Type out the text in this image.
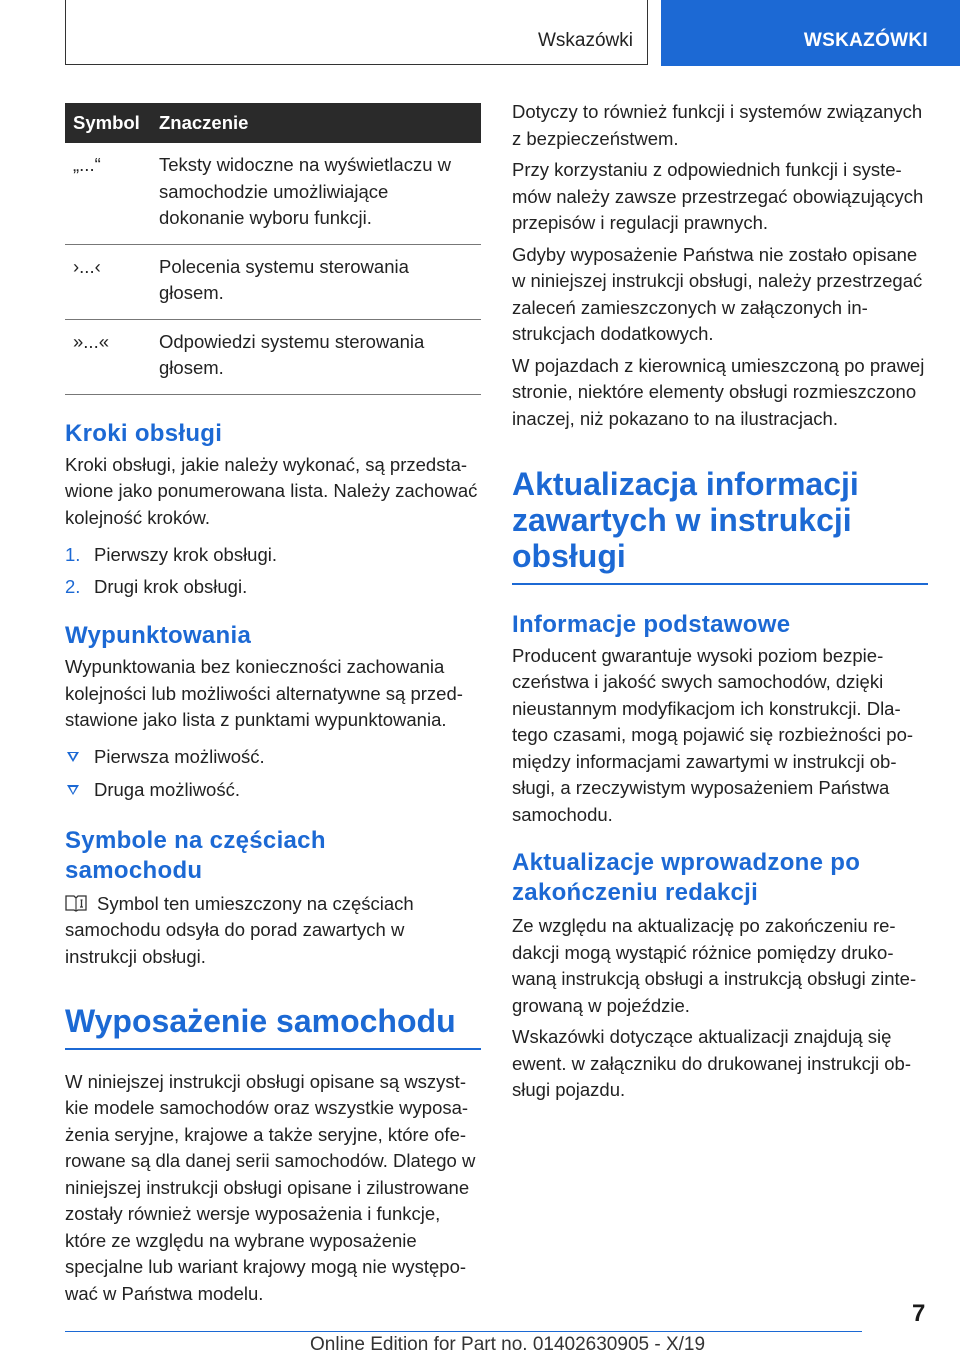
Wskazówki	WSKAZÓWKI
Symbol	Znaczenie
„...“	Teksty widoczne na wyświetlaczu w samochodzie umożliwiające dokonanie wyboru funkcji.
›...‹	Polecenia systemu sterowania głosem.
»...«	Odpowiedzi systemu sterowania głosem.
Kroki obsługi

Kroki obsługi, jakie należy wykonać, są przedstawione jako ponumerowana lista. Należy zachować kolejność kroków.

1. Pierwszy krok obsługi.
2. Drugi krok obsługi.
Wypunktowania

Wypunktowania bez konieczności zachowania kolejności lub możliwości alternatywne są przedstawione jako lista z punktami wypunktowania.

Pierwsza możliwość.
Druga możliwość.
Symbole na częściach
samochodu

Symbol ten umieszczony na częściach samochodu odsyła do porad zawartych w instrukcji obsługi.

Wyposażenie samochodu

W niniejszej instrukcji obsługi opisane są wszystkie modele samochodów oraz wszystkie wyposażenia seryjne, krajowe a także seryjne, które oferowane są dla danej serii samochodów. Dlatego w niniejszej instrukcji obsługi opisane i zilustrowane zostały również wersje wyposażenia i funkcje, które ze względu na wybrane wyposażenie specjalne lub wariant krajowy mogą nie występować w Państwa modelu.

Dotyczy to również funkcji i systemów związanych z bezpieczeństwem.

Przy korzystaniu z odpowiednich funkcji i systemów należy zawsze przestrzegać obowiązujących przepisów i regulacji prawnych.

Gdyby wyposażenie Państwa nie zostało opisane w niniejszej instrukcji obsługi, należy przestrzegać zaleceń zamieszczonych w załączonych instrukcjach dodatkowych.

W pojazdach z kierownicą umieszczoną po prawej stronie, niektóre elementy obsługi rozmieszczono inaczej, niż pokazano to na ilustracjach.

Aktualizacja informacji
zawartych w instrukcji
obsługi
Informacje podstawowe

Producent gwarantuje wysoki poziom bezpieczeństwa i jakość swych samochodów, dzięki nieustannym modyfikacjom ich konstrukcji. Dlatego czasami, mogą pojawić się rozbieżności pomiędzy informacjami zawartymi w instrukcji obsługi, a rzeczywistym wyposażeniem Państwa samochodu.

Aktualizacje wprowadzone po
zakończeniu redakcji

Ze względu na aktualizację po zakończeniu redakcji mogą wystąpić różnice pomiędzy drukowaną instrukcją obsługi a instrukcją obsługi zintegrowaną w pojeździe.

Wskazówki dotyczące aktualizacji znajdują się ewent. w załączniku do drukowanej instrukcji obsługi pojazdu.

7
Online Edition for Part no. 01402630905 - X/19
